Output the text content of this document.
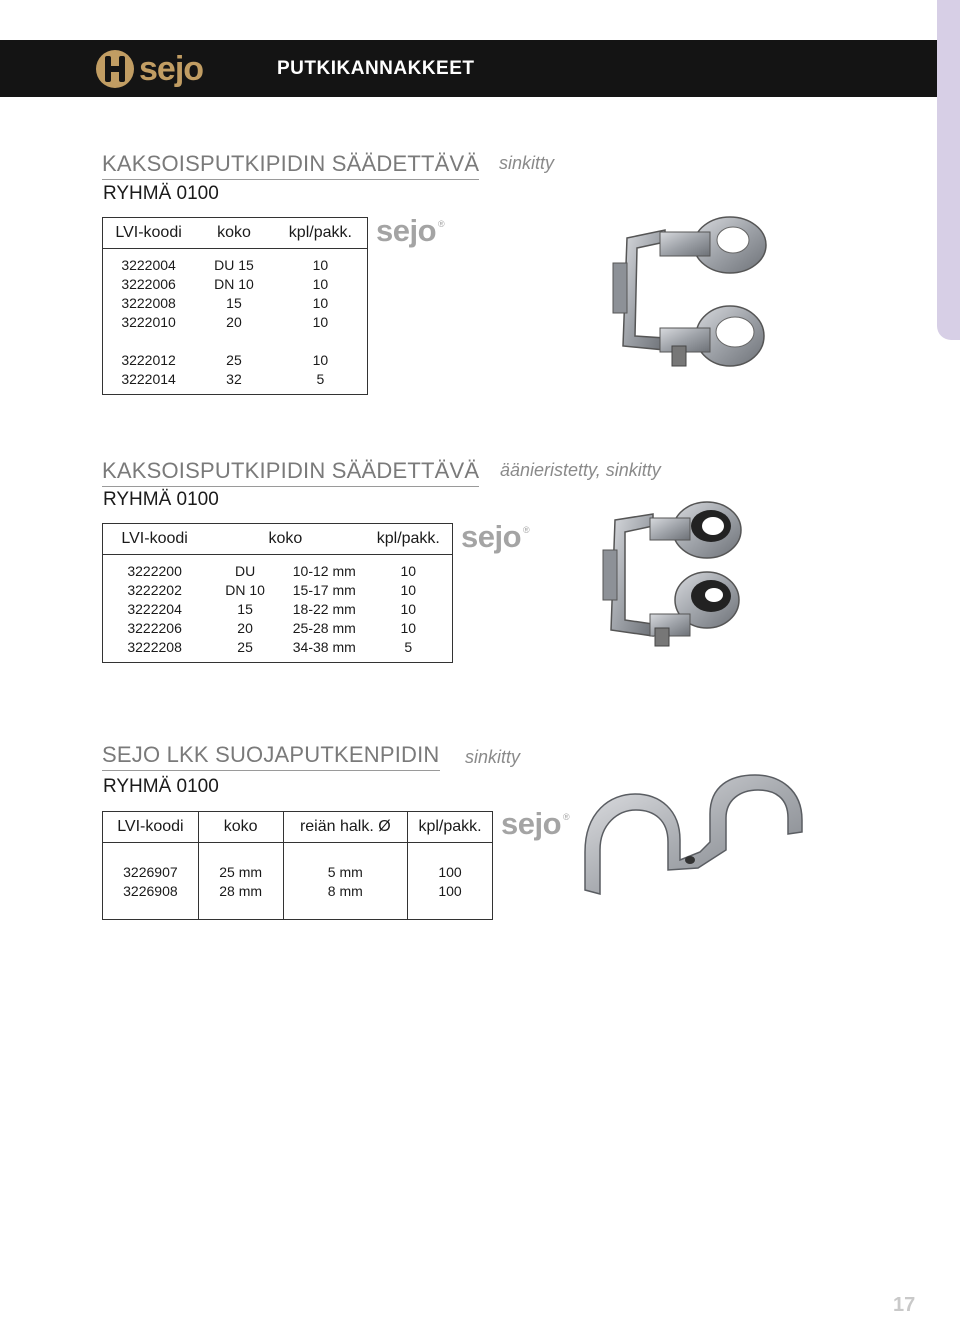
sejo	PUTKIKANNAKKEET
KAKSOISPUTKIPIDIN SÄÄDETTÄVÄ sinkitty
RYHMÄ 0100
LVI-koodi	koko	kpl/pakk.

3222004	DU 15	10
3222006	DN 10	10
3222008	15	10
3222010	20	10

3222012	25	10
3222014	32	5

sejo ®
KAKSOISPUTKIPIDIN SÄÄDETTÄVÄ äänieristetty, sinkitty
RYHMÄ 0100
LVI-koodi	koko		kpl/pakk.

3222200	DU	10-12 mm	10
3222202	DN 10	15-17 mm	10
3222204	15	18-22 mm	10
3222206	20	25-28 mm	10
3222208	25	34-38 mm	5

sejo ®
SEJO LKK SUOJAPUTKENPIDIN sinkitty
RYHMÄ 0100
LVI-koodi	koko	reiän halk. Ø	kpl/pakk.

3226907	25 mm	5 mm	100
3226908	28 mm	8 mm	100

sejo ®
17
